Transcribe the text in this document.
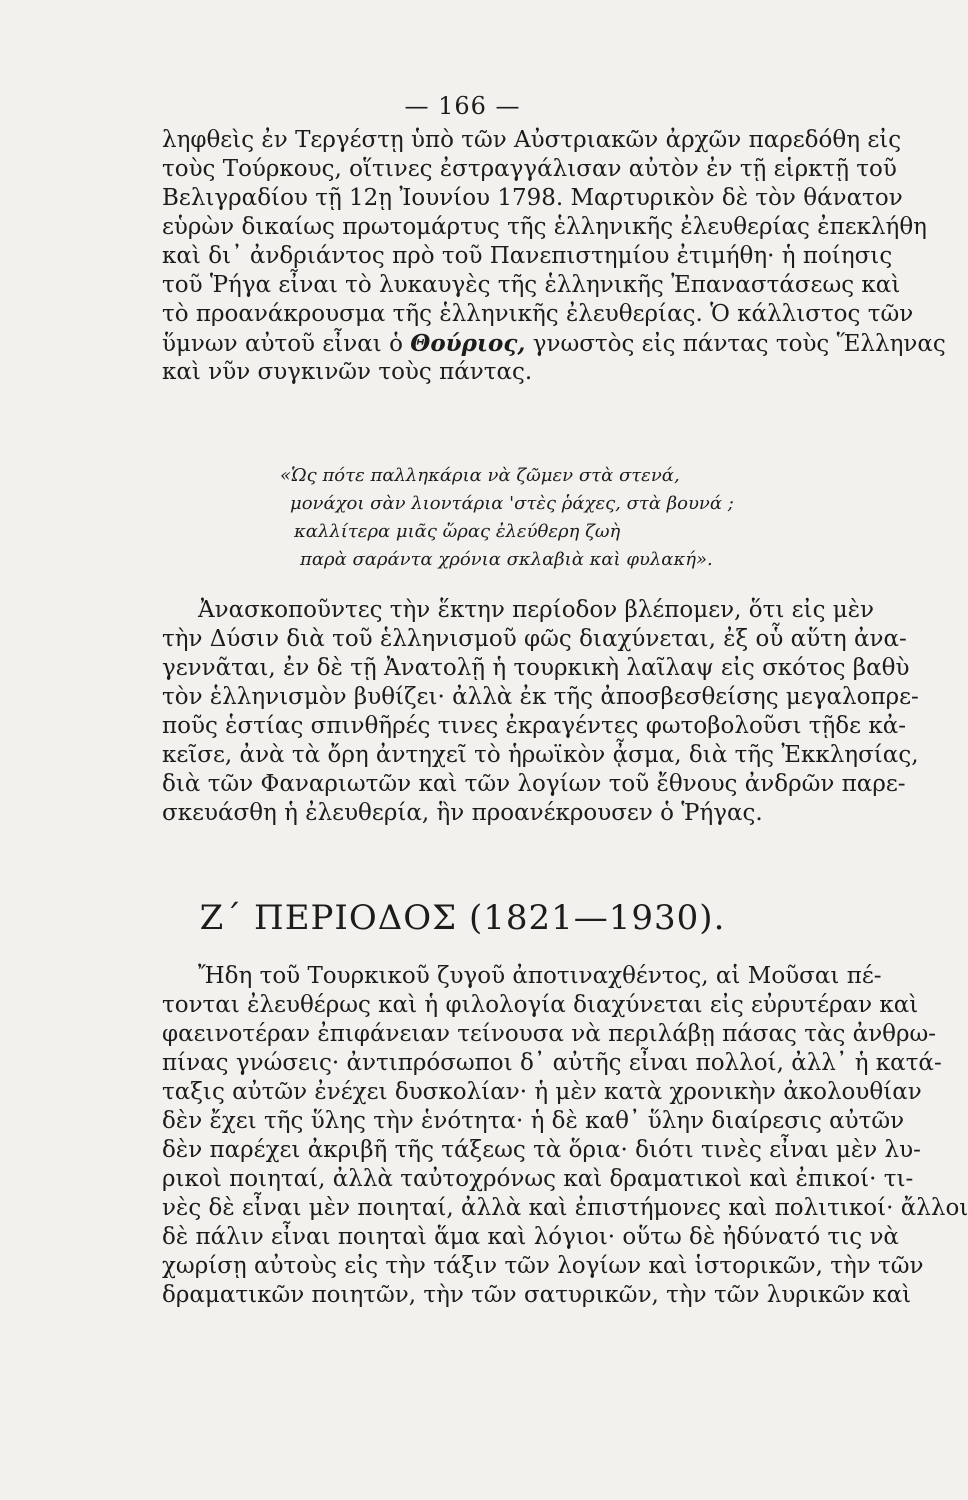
— 166 —
ληφθεὶς ἐν Τεργέστῃ ὑπὸ τῶν Αὐστριακῶν ἀρχῶν παρεδόθη εἰς
τοὺς Τούρκους, οἵτινες ἐστραγγάλισαν αὐτὸν ἐν τῇ εἱρκτῇ τοῦ
Βελιγραδίου τῇ 12ῃ Ἰουνίου 1798. Μαρτυρικὸν δὲ τὸν θάνατον
εὑρὼν δικαίως πρωτομάρτυς τῆς ἑλληνικῆς ἐλευθερίας ἐπεκλήθη
καὶ δι᾽ ἀνδριάντος πρὸ τοῦ Πανεπιστημίου ἐτιμήθη· ἡ ποίησις
τοῦ Ῥήγα εἶναι τὸ λυκαυγὲς τῆς ἑλληνικῆς Ἐπαναστάσεως καὶ
τὸ προανάκρουσμα τῆς ἑλληνικῆς ἐλευθερίας. Ὁ κάλλιστος τῶν
ὕμνων αὐτοῦ εἶναι ὁ Θούριος, γνωστὸς εἰς πάντας τοὺς Ἕλληνας
καὶ νῦν συγκινῶν τοὺς πάντας.
«Ὡς πότε παλληκάρια νὰ ζῶμεν στὰ στενά,
μονάχοι σὰν λιοντάρια 'στὲς ῥάχες, στὰ βουνά ;
καλλίτερα μιᾶς ὥρας ἐλεύθερη ζωὴ
παρὰ σαράντα χρόνια σκλαβιὰ καὶ φυλακή».
Ἀνασκοποῦντες τὴν ἕκτην περίοδον βλέπομεν, ὅτι εἰς μὲν
τὴν Δύσιν διὰ τοῦ ἑλληνισμοῦ φῶς διαχύνεται, ἐξ οὗ αὕτη ἀνα-
γεννᾶται, ἐν δὲ τῇ Ἀνατολῇ ἡ τουρκικὴ λαῖλαψ εἰς σκότος βαθὺ
τὸν ἑλληνισμὸν βυθίζει· ἀλλὰ ἐκ τῆς ἀποσβεσθείσης μεγαλοπρε-
ποῦς ἑστίας σπινθῆρές τινες ἐκραγέντες φωτοβολοῦσι τῇδε κἀ-
κεῖσε, ἀνὰ τὰ ὄρη ἀντηχεῖ τὸ ἡρωϊκὸν ᾆσμα, διὰ τῆς Ἐκκλησίας,
διὰ τῶν Φαναριωτῶν καὶ τῶν λογίων τοῦ ἔθνους ἀνδρῶν παρε-
σκευάσθη ἡ ἐλευθερία, ἣν προανέκρουσεν ὁ Ῥήγας.
Ζ΄ ΠΕΡΙΟΔΟΣ (1821—1930).
Ἤδη τοῦ Τουρκικοῦ ζυγοῦ ἀποτιναχθέντος, αἱ Μοῦσαι πέ-
τονται ἐλευθέρως καὶ ἡ φιλολογία διαχύνεται εἰς εὐρυτέραν καὶ
φαεινοτέραν ἐπιφάνειαν τείνουσα νὰ περιλάβῃ πάσας τὰς ἀνθρω-
πίνας γνώσεις· ἀντιπρόσωποι δ᾽ αὐτῆς εἶναι πολλοί, ἀλλ᾽ ἡ κατά-
ταξις αὐτῶν ἐνέχει δυσκολίαν· ἡ μὲν κατὰ χρονικὴν ἀκολουθίαν
δὲν ἔχει τῆς ὕλης τὴν ἑνότητα· ἡ δὲ καθ᾽ ὕλην διαίρεσις αὐτῶν
δὲν παρέχει ἀκριβῆ τῆς τάξεως τὰ ὅρια· διότι τινὲς εἶναι μὲν λυ-
ρικοὶ ποιηταί, ἀλλὰ ταὐτοχρόνως καὶ δραματικοὶ καὶ ἐπικοί· τι-
νὲς δὲ εἶναι μὲν ποιηταί, ἀλλὰ καὶ ἐπιστήμονες καὶ πολιτικοί· ἄλλοι
δὲ πάλιν εἶναι ποιηταὶ ἅμα καὶ λόγιοι· οὕτω δὲ ἠδύνατό τις νὰ
χωρίσῃ αὐτοὺς εἰς τὴν τάξιν τῶν λογίων καὶ ἱστορικῶν, τὴν τῶν
δραματικῶν ποιητῶν, τὴν τῶν σατυρικῶν, τὴν τῶν λυρικῶν καὶ
